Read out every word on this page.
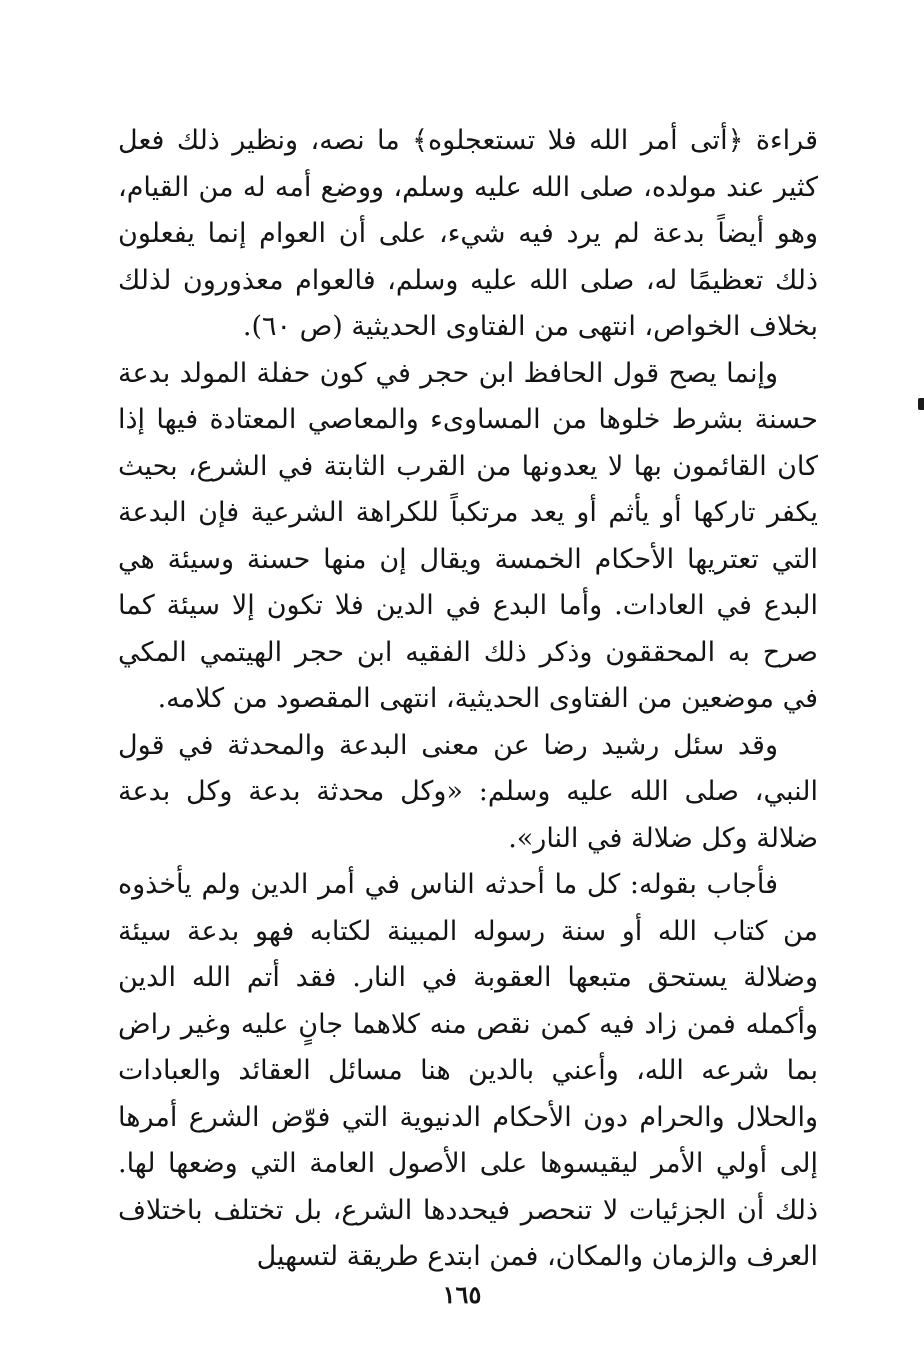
قراءة ﴿أتى أمر الله فلا تستعجلوه﴾ ما نصه، ونظير ذلك فعل كثير عند مولده، صلى الله عليه وسلم، ووضع أمه له من القيام، وهو أيضاً بدعة لم يرد فيه شيء، على أن العوام إنما يفعلون ذلك تعظيمًا له، صلى الله عليه وسلم، فالعوام معذورون لذلك بخلاف الخواص، انتهى من الفتاوى الحديثية (ص ٦٠).

وإنما يصح قول الحافظ ابن حجر في كون حفلة المولد بدعة حسنة بشرط خلوها من المساوىء والمعاصي المعتادة فيها إذا كان القائمون بها لا يعدونها من القرب الثابتة في الشرع، بحيث يكفر تاركها أو يأثم أو يعد مرتكباً للكراهة الشرعية فإن البدعة التي تعتريها الأحكام الخمسة ويقال إن منها حسنة وسيئة هي البدع في العادات. وأما البدع في الدين فلا تكون إلا سيئة كما صرح به المحققون وذكر ذلك الفقيه ابن حجر الهيتمي المكي في موضعين من الفتاوى الحديثية، انتهى المقصود من كلامه.

وقد سئل رشيد رضا عن معنى البدعة والمحدثة في قول النبي، صلى الله عليه وسلم: «وكل محدثة بدعة وكل بدعة ضلالة وكل ضلالة في النار».

فأجاب بقوله: كل ما أحدثه الناس في أمر الدين ولم يأخذوه من كتاب الله أو سنة رسوله المبينة لكتابه فهو بدعة سيئة وضلالة يستحق متبعها العقوبة في النار. فقد أتم الله الدين وأكمله فمن زاد فيه كمن نقص منه كلاهما جانٍ عليه وغير راض بما شرعه الله، وأعني بالدين هنا مسائل العقائد والعبادات والحلال والحرام دون الأحكام الدنيوية التي فوّض الشرع أمرها إلى أولي الأمر ليقيسوها على الأصول العامة التي وضعها لها. ذلك أن الجزئيات لا تنحصر فيحددها الشرع، بل تختلف باختلاف العرف والزمان والمكان، فمن ابتدع طريقة لتسهيل

١٦٥
